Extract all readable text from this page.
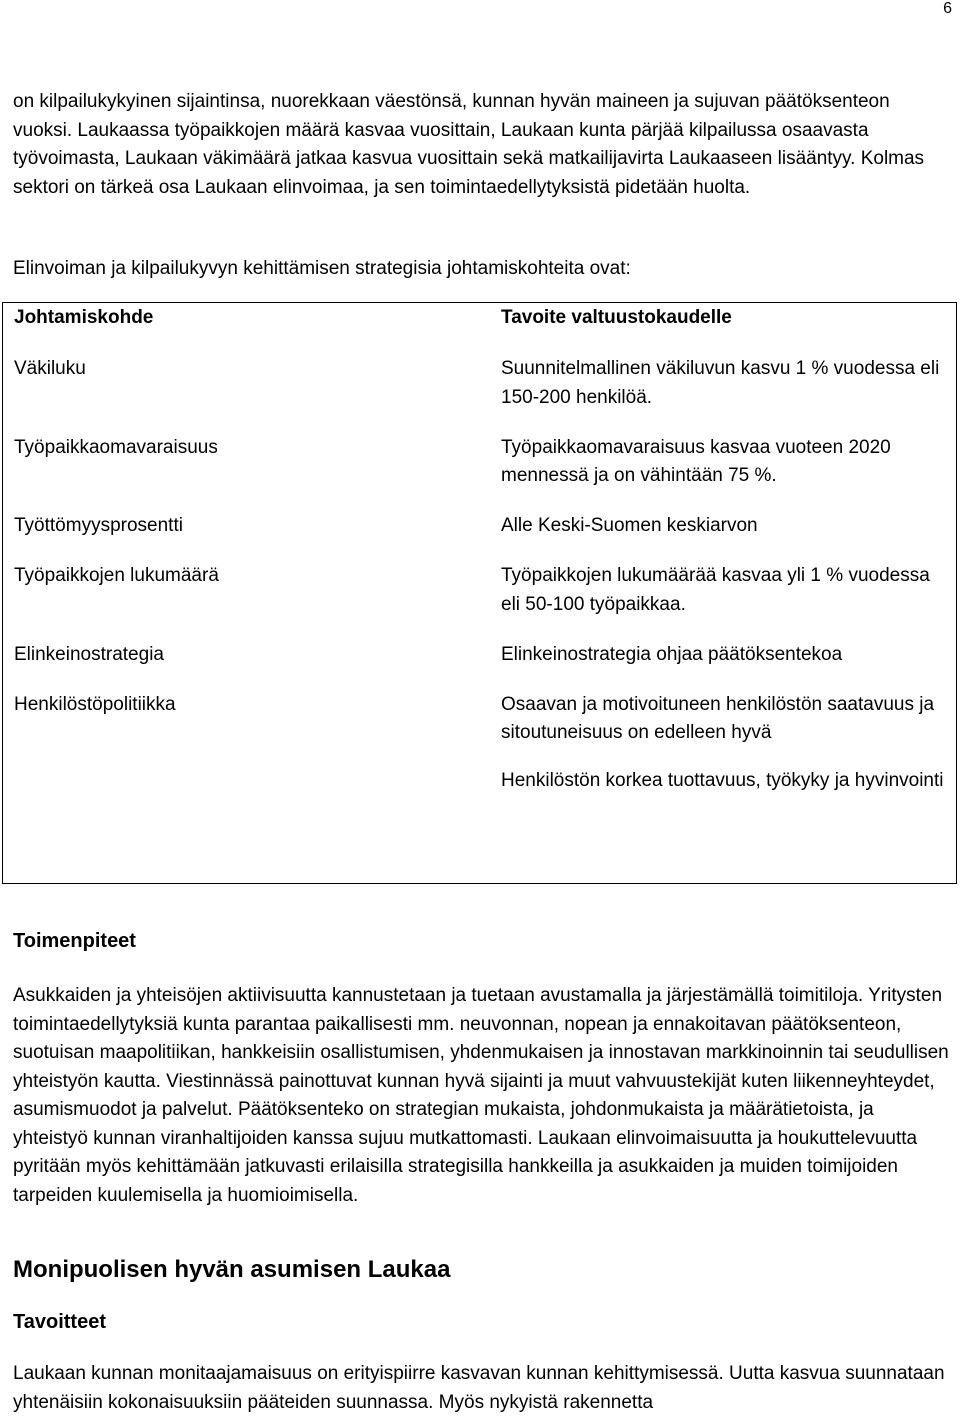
6

on kilpailukykyinen sijaintinsa, nuorekkaan väestönsä, kunnan hyvän maineen ja sujuvan päätöksenteon vuoksi. Laukaassa työpaikkojen määrä kasvaa vuosittain, Laukaan kunta pärjää kilpailussa osaavasta työvoimasta, Laukaan väkimäärä jatkaa kasvua vuosittain sekä matkailijavirta Laukaaseen lisääntyy. Kolmas sektori on tärkeä osa Laukaan elinvoimaa, ja sen toimintaedellytyksistä pidetään huolta.

Elinvoiman ja kilpailukyvyn kehittämisen strategisia johtamiskohteita ovat:

Johtamiskohde	Tavoite valtuustokaudelle
Väkiluku	Suunnitelmallinen väkiluvun kasvu 1 % vuodessa eli 150-200 henkilöä.
Työpaikkaomavaraisuus	Työpaikkaomavaraisuus kasvaa vuoteen 2020 mennessä ja on vähintään 75 %.
Työttömyysprosentti	Alle Keski-Suomen keskiarvon
Työpaikkojen lukumäärä	Työpaikkojen lukumäärää kasvaa yli 1 % vuodessa eli 50-100 työpaikkaa.
Elinkeinostrategia	Elinkeinostrategia ohjaa päätöksentekoa
Henkilöstöpolitiikka	Osaavan ja motivoituneen henkilöstön saatavuus ja sitoutuneisuus on edelleen hyvä
Henkilöstön korkea tuottavuus, työkyky ja hyvinvointi
Toimenpiteet

Asukkaiden ja yhteisöjen aktiivisuutta kannustetaan ja tuetaan avustamalla ja järjestämällä toimitiloja. Yritysten toimintaedellytyksiä kunta parantaa paikallisesti mm. neuvonnan, nopean ja ennakoitavan päätöksenteon, suotuisan maapolitiikan, hankkeisiin osallistumisen, yhdenmukaisen ja innostavan markkinoinnin tai seudullisen yhteistyön kautta. Viestinnässä painottuvat kunnan hyvä sijainti ja muut vahvuustekijät kuten liikenneyhteydet, asumismuodot ja palvelut. Päätöksenteko on strategian mukaista, johdonmukaista ja määrätietoista, ja yhteistyö kunnan viranhaltijoiden kanssa sujuu mutkattomasti. Laukaan elinvoimaisuutta ja houkuttelevuutta pyritään myös kehittämään jatkuvasti erilaisilla strategisilla hankkeilla ja asukkaiden ja muiden toimijoiden tarpeiden kuulemisella ja huomioimisella.

Monipuolisen hyvän asumisen Laukaa
Tavoitteet

Laukaan kunnan monitaajamaisuus on erityispiirre kasvavan kunnan kehittymisessä. Uutta kasvua suunnataan yhtenäisiin kokonaisuuksiin pääteiden suunnassa. Myös nykyistä rakennetta
